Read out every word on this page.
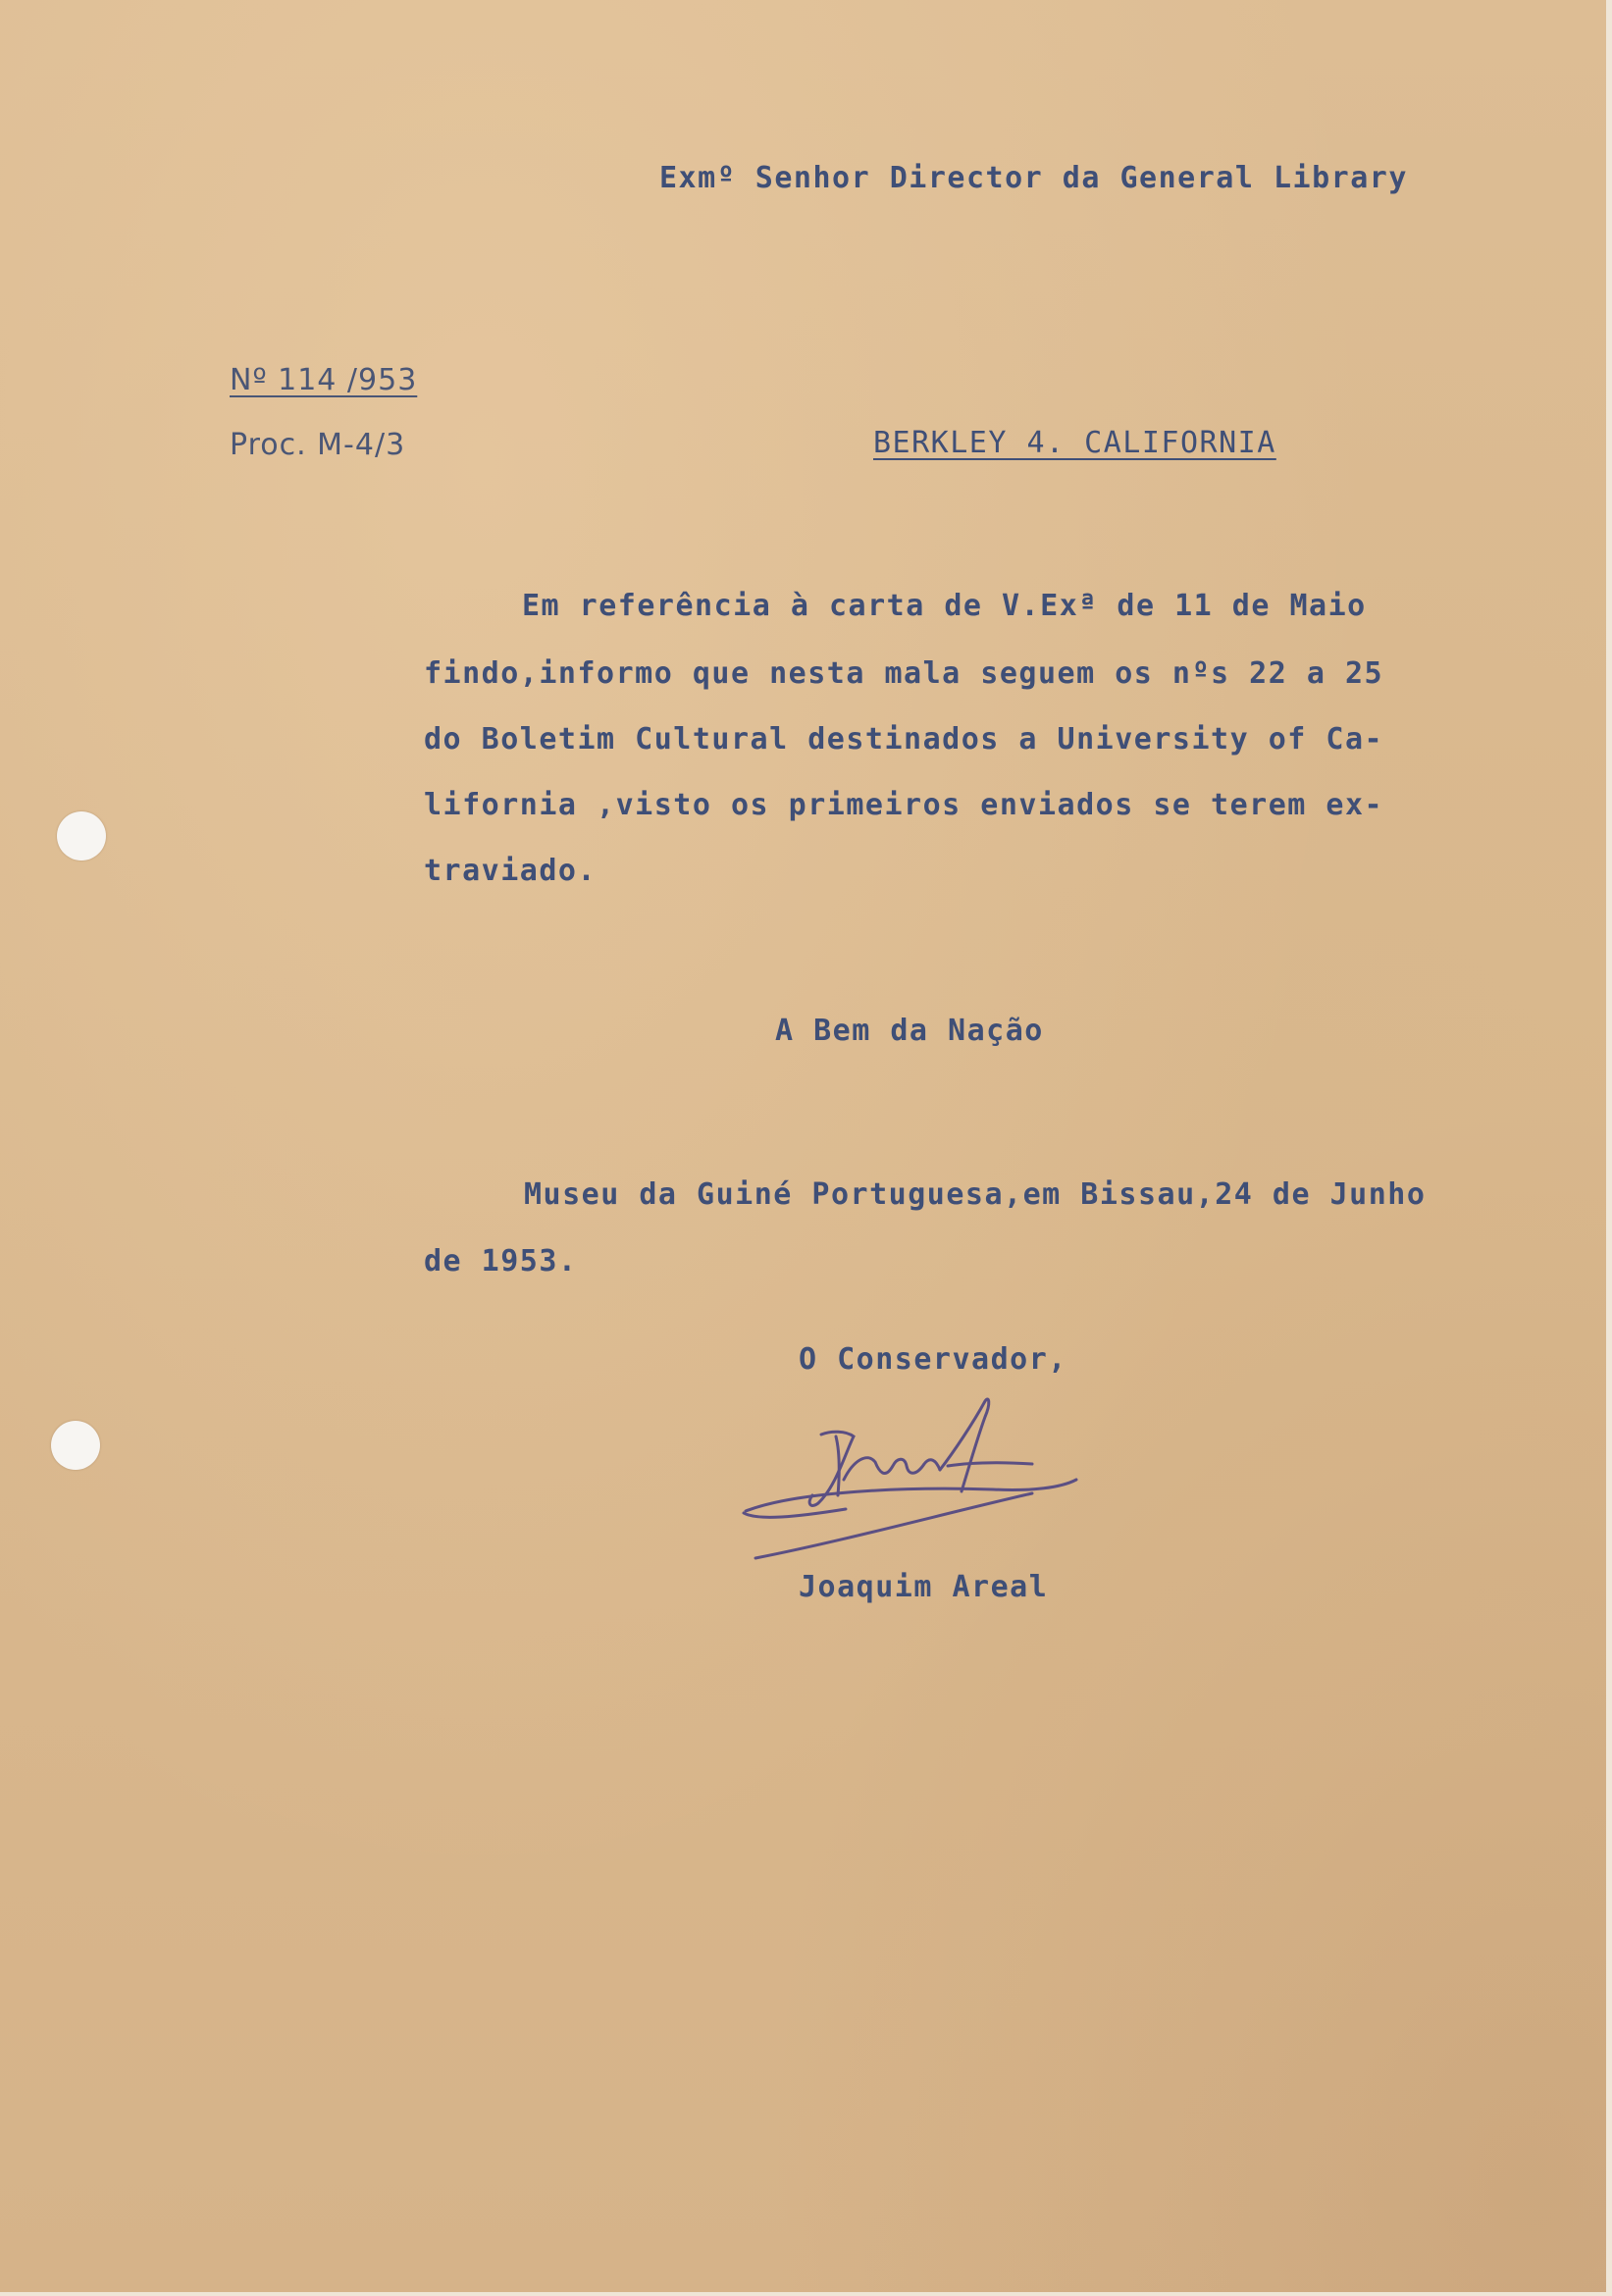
Exmº Senhor Director da General Library
Nº 114 /953
Proc. M-4/3	BERKLEY 4. CALIFORNIA
Em referência à carta de V.Exª de 11 de Maio
findo,informo que nesta mala seguem os nºs 22 a 25
do Boletim Cultural destinados a University of Ca-
lifornia ,visto os primeiros enviados se terem ex-
traviado.
A Bem da Nação
Museu da Guiné Portuguesa,em Bissau,24 de Junho
de 1953.
O Conservador,
Joaquim Areal
